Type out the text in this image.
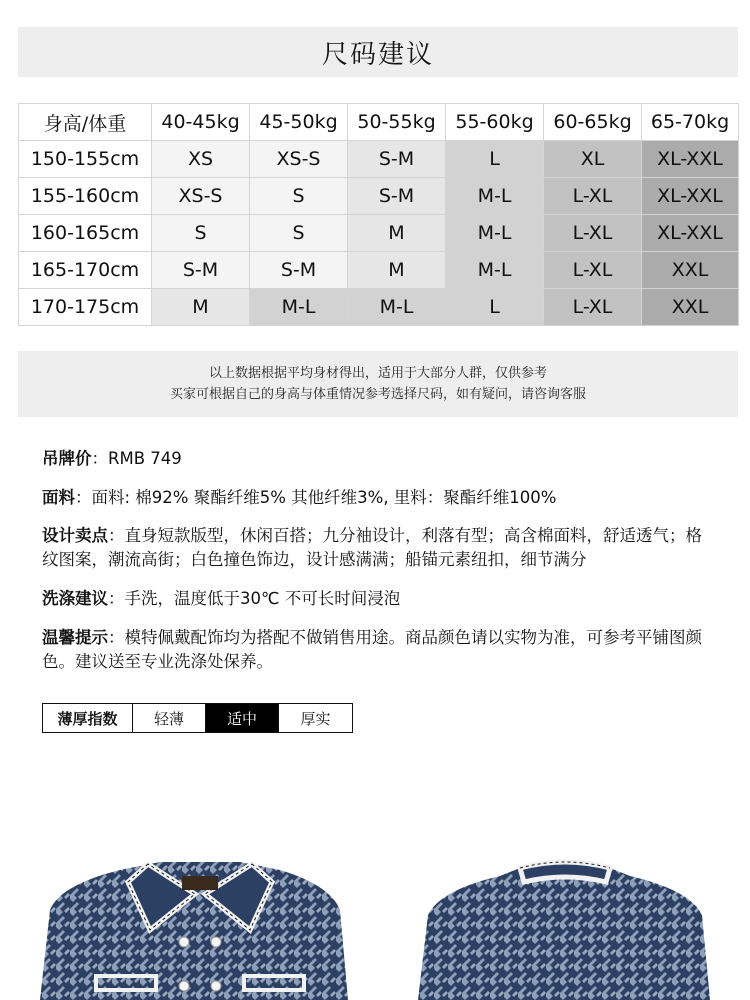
尺码建议
身高/体重	40-45kg	45-50kg	50-55kg	55-60kg	60-65kg	65-70kg
150-155cm	XS	XS-S	S-M	L	XL	XL-XXL
155-160cm	XS-S	S	S-M	M-L	L-XL	XL-XXL
160-165cm	S	S	M	M-L	L-XL	XL-XXL
165-170cm	S-M	S-M	M	M-L	L-XL	XXL
170-175cm	M	M-L	M-L	L	L-XL	XXL
以上数据根据平均身材得出，适用于大部分人群，仅供参考
买家可根据自己的身高与体重情况参考选择尺码，如有疑问，请咨询客服
吊牌价：RMB 749
面料：面料: 棉92% 聚酯纤维5% 其他纤维3%, 里料：聚酯纤维100%
设计卖点：直身短款版型，休闲百搭；九分袖设计，利落有型；高含棉面料，舒适透气；格纹图案，潮流高街；白色撞色饰边，设计感满满；船锚元素纽扣，细节满分
洗涤建议：手洗，温度低于30℃ 不可长时间浸泡
温馨提示：模特佩戴配饰均为搭配不做销售用途。商品颜色请以实物为准，可参考平铺图颜色。建议送至专业洗涤处保养。
薄厚指数	轻薄	适中	厚实
